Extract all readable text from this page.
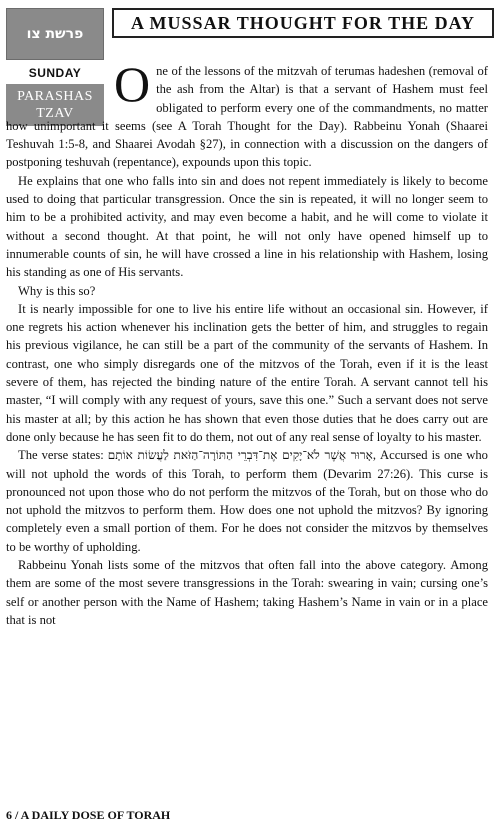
פרשת צו
SUNDAY
PARASHAS
TZAV
A MUSSAR THOUGHT FOR THE DAY

O ne of the lessons of the mitzvah of terumas hadeshen (removal of the ash from the Altar) is that a servant of Hashem must feel obligated to perform every one of the commandments, no matter how unimportant it seems (see A Torah Thought for the Day). Rabbeinu Yonah (Shaarei Teshuvah 1:5-8, and Shaarei Avodah §27), in connection with a discussion on the dangers of postponing teshuvah (repentance), expounds upon this topic.

He explains that one who falls into sin and does not repent immediately is likely to become used to doing that particular transgression. Once the sin is repeated, it will no longer seem to him to be a prohibited activity, and may even become a habit, and he will come to violate it without a second thought. At that point, he will not only have opened himself up to innumerable counts of sin, he will have crossed a line in his relationship with Hashem, losing his standing as one of His servants.

Why is this so?

It is nearly impossible for one to live his entire life without an occasional sin. However, if one regrets his action whenever his inclination gets the better of him, and struggles to regain his previous vigilance, he can still be a part of the community of the servants of Hashem. In contrast, one who simply disregards one of the mitzvos of the Torah, even if it is the least severe of them, has rejected the binding nature of the entire Torah. A servant cannot tell his master, “I will comply with any request of yours, save this one.” Such a servant does not serve his master at all; by this action he has shown that even those duties that he does carry out are done only because he has seen fit to do them, not out of any real sense of loyalty to his master.

The verse states: אָרוּר אֲשֶׁר לֹא־יָקִים אֶת־דִּבְרֵי הַתּוֹרָה־הַזֹּאת לַעֲשׂוֹת אוֹתָם, Accursed is one who will not uphold the words of this Torah, to perform them (Devarim 27:26). This curse is pronounced not upon those who do not perform the mitzvos of the Torah, but on those who do not uphold the mitzvos to perform them. How does one not uphold the mitzvos? By ignoring completely even a small portion of them. For he does not consider the mitzvos by themselves to be worthy of upholding.

Rabbeinu Yonah lists some of the mitzvos that often fall into the above category. Among them are some of the most severe transgressions in the Torah: swearing in vain; cursing one’s self or another person with the Name of Hashem; taking Hashem’s Name in vain or in a place that is not

6 / A DAILY DOSE OF TORAH
